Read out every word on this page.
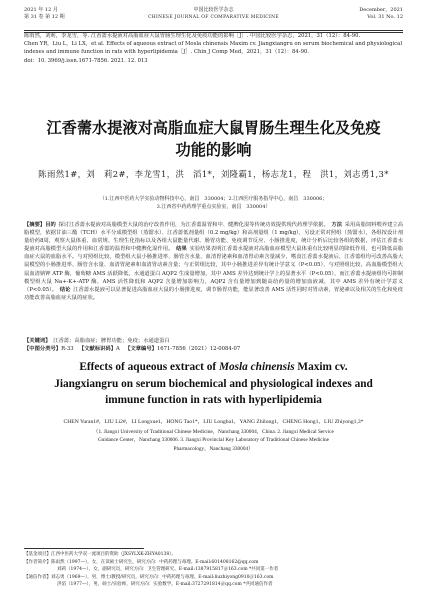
2021 年 12 月
第 31 卷 第 12 期
中国比较医学杂志
CHINESE JOURNAL OF COMPARATIVE MEDICINE
December，2021
Vol. 31 No. 12
陈雨然，刘莉，李龙雪，等. 江香薷水提液对高脂血症大鼠胃肠生理生化及免疫功能的影响［J］. 中国比较医学杂志，2021，31（12）：84-90.
Chen YR，Liu L，Li LX，et al. Effects of aqueous extract of Mosla chinensis Maxim cv. Jiangxiangru on serum biochemical and physiological indexes and immune function in rats with hyperlipidemia［J］. Chin J Comp Med，2021，31（12）：84-90.
doi：10. 3969/j.issn.1671-7856. 2021. 12. 013
江香薷水提液对高脂血症大鼠胃肠生理生化及免疫功能的影响
陈雨然1#，刘　莉2#，李龙雪1，洪　滔1*，刘隆霸1，杨志龙1，程　洪1，刘志勇1,3*
（1.江西中医药大学实验动物科技中心，南昌　330004；2.江西医疗服务指导中心，南昌　330006；
3.江西省中药药理学重点实验室，南昌　330004）
【摘要】目的  探讨江香薷水提液对高脂模型大鼠的治疗改善作用，为江香薷温胃和中、健脾化湿等传统功效提供现代药理学依据。  方法  采用高脂饲料喂养建立高脂模型，依据甘油三酯（TCH）水平分成模型组（蒸馏水）、江香薷低剂量组（0.2 mg/kg）和高剂量组（1 mg/kg），另设正常对照组（蒸馏水），各组按设计剂量给药8周，观察大鼠体重、血常规、生理生化指标以及各组大鼠能量代谢、肠胃功能、免疫调节反应、小肠推进度，统计分析后比较各组的数据，评估江香薷水提液对高脂模型大鼠的作用和江香薷的温胃和中健脾化湿作用。  结果  实验结果表明江香薷水提液对高脂血症模型大鼠体重有比较明显的降低作用，也可降低高脂血症大鼠的血脂水平。与对照组比较，模型组大鼠小肠推进率、肠管含水量、血清胃泌素和血清胃动素含量减少，嗜食江香薷水提液后，江香薷组均可改善高脂大鼠模型的小肠推进率、肠管含水量、血清胃泌素和血清胃动素含量；与正常组比较，其中小肠推进差异有统计学意义（P<0.05），与对照组比较，高血脂模型组大鼠血清钠钾 ATP 酶，葡萄糖 AMS 活跃降低，水通道蛋白 AQP2 生成量增加，其中 AMS 差异达到统计学上的显著水平（P<0.05），而江香薷水提液组均可抑制模型组大鼠 Na+-K+-ATP 酶，AMS 活性降低和 AQP2 含量增加影响力，AQP2 含有量增加到随高给药量的增加血液减，其中 AMS 差异有统计学意义（P<0.05）。  结论  江香薷水提液可以显著促进高脂血症大鼠的小肠推进度，调节肠胃功能，能显著改善 AMS 活性同时对胃动素，胃泌素以及相关的生化和免疫功能改善高脂血症大鼠的症状。
【关键词】  江香薷；高脂血症；脾胃功能；免疫；水通道蛋白
【中图分类号】R-33  【文献标识码】A  【文章编号】1671-7856（2021）12-0084-07
Effects of aqueous extract of Mosla chinensis Maxim cv. Jiangxiangru on serum biochemical and physiological indexes and immune function in rats with hyperlipidemia
CHEN Yuran1#，LIU Li2#，LI Longxue1，HONG Tao1*，LIU Longba1，YANG Zhilong1，CHENG Hong1，LIU Zhiyong1,3*
（1. Jiangxi University of Traditional Chinese Medicine，Nanchang 330004，China. 2. Jiangxi Medical Service
Guidance Center，Nanchang 330006. 3. Jiangxi Provincial Key Laboratory of Traditional Chinese Medicine
Pharmacology，Nanchang 330004）
【基金项目】江西中医药大学双一流项目的资助（JXSYLXK-ZHYA0138）。
【作者简介】陈雨然（1997—），女，在读硕士研究生，研究方向：中药药理与毒理。E-mail:601408162@qq.com
刘莉（1974—），女，副研究员，研究方向：卫生管理研究。E-mail:1387915817＠163.com *共同第一作者
【通信作者】刘志勇（1969—），男，博士/教授/研究员，研究方向：中药药理与毒理。E-mail:liuzhiyong0910＠163.com
洪滔（1977—），男，硕士/实验师，研究方向：实验数学。E-mail:3727291814＠qq.com *共同通信作者
